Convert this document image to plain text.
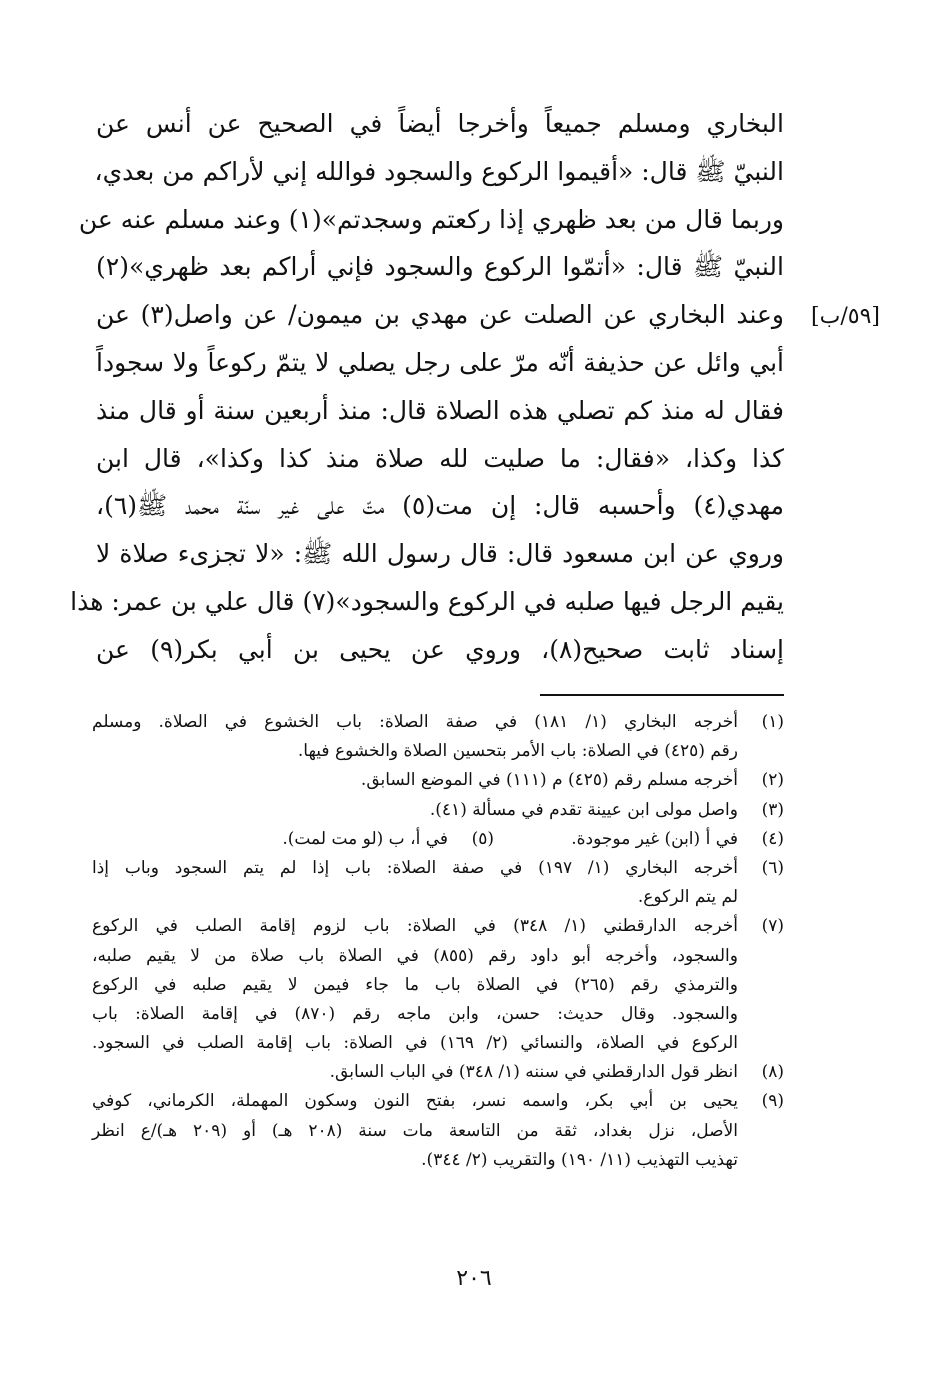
البخاري ومسلم جميعاً وأخرجا أيضاً في الصحيح عن أنس عن
النبيّ ﷺ قال: «أقيموا الركوع والسجود فوالله إني لأراكم من بعدي،
وربما قال من بعد ظهري إذا ركعتم وسجدتم»(١) وعند مسلم عنه عن
النبيّ ﷺ قال: «أتمّوا الركوع والسجود فإني أراكم بعد ظهري»(٢)
وعند البخاري عن الصلت عن مهدي بن ميمون/ عن واصل(٣) عن
أبي وائل عن حذيفة أنّه مرّ على رجل يصلي لا يتمّ ركوعاً ولا سجوداً
فقال له منذ كم تصلي هذه الصلاة قال: منذ أربعين سنة أو قال منذ
كذا وكذا، «فقال: ما صليت لله صلاة منذ كذا وكذا»، قال ابن
مهدي(٤) وأحسبه قال: إن مت(٥) متّ على غير سنّة محمد ﷺ(٦)،
وروي عن ابن مسعود قال: قال رسول الله ﷺ: «لا تجزىء صلاة لا
يقيم الرجل فيها صلبه في الركوع والسجود»(٧) قال علي بن عمر: هذا
إسناد ثابت صحيح(٨)، وروي عن يحيى بن أبي بكر(٩) عن
[٥٩/ب]
(١)
أخرجه البخاري (١/ ١٨١) في صفة الصلاة: باب الخشوع في الصلاة. ومسلم
رقم (٤٢٥) في الصلاة: باب الأمر بتحسين الصلاة والخشوع فيها.
(٢)
أخرجه مسلم رقم (٤٢٥) م (١١١) في الموضع السابق.
(٣)
واصل مولى ابن عيينة تقدم في مسألة (٤١).
(٤)
في أ (ابن) غير موجودة.
(٥)
في أ، ب (لو مت لمت).
(٦)
أخرجه البخاري (١/ ١٩٧) في صفة الصلاة: باب إذا لم يتم السجود وباب إذا
لم يتم الركوع.
(٧)
أخرجه الدارقطني (١/ ٣٤٨) في الصلاة: باب لزوم إقامة الصلب في الركوع
والسجود، وأخرجه أبو داود رقم (٨٥٥) في الصلاة باب صلاة من لا يقيم صلبه،
والترمذي رقم (٢٦٥) في الصلاة باب ما جاء فيمن لا يقيم صلبه في الركوع
والسجود. وقال حديث: حسن، وابن ماجه رقم (٨٧٠) في إقامة الصلاة: باب
الركوع في الصلاة، والنسائي (٢/ ١٦٩) في الصلاة: باب إقامة الصلب في السجود.
(٨)
انظر قول الدارقطني في سننه (١/ ٣٤٨) في الباب السابق.
(٩)
يحيى بن أبي بكر، واسمه نسر، بفتح النون وسكون المهملة، الكرماني، كوفي
الأصل، نزل بغداد، ثقة من التاسعة مات سنة (٢٠٨ هـ) أو (٢٠٩ هـ)/ع انظر
تهذيب التهذيب (١١/ ١٩٠) والتقريب (٢/ ٣٤٤).
٢٠٦
